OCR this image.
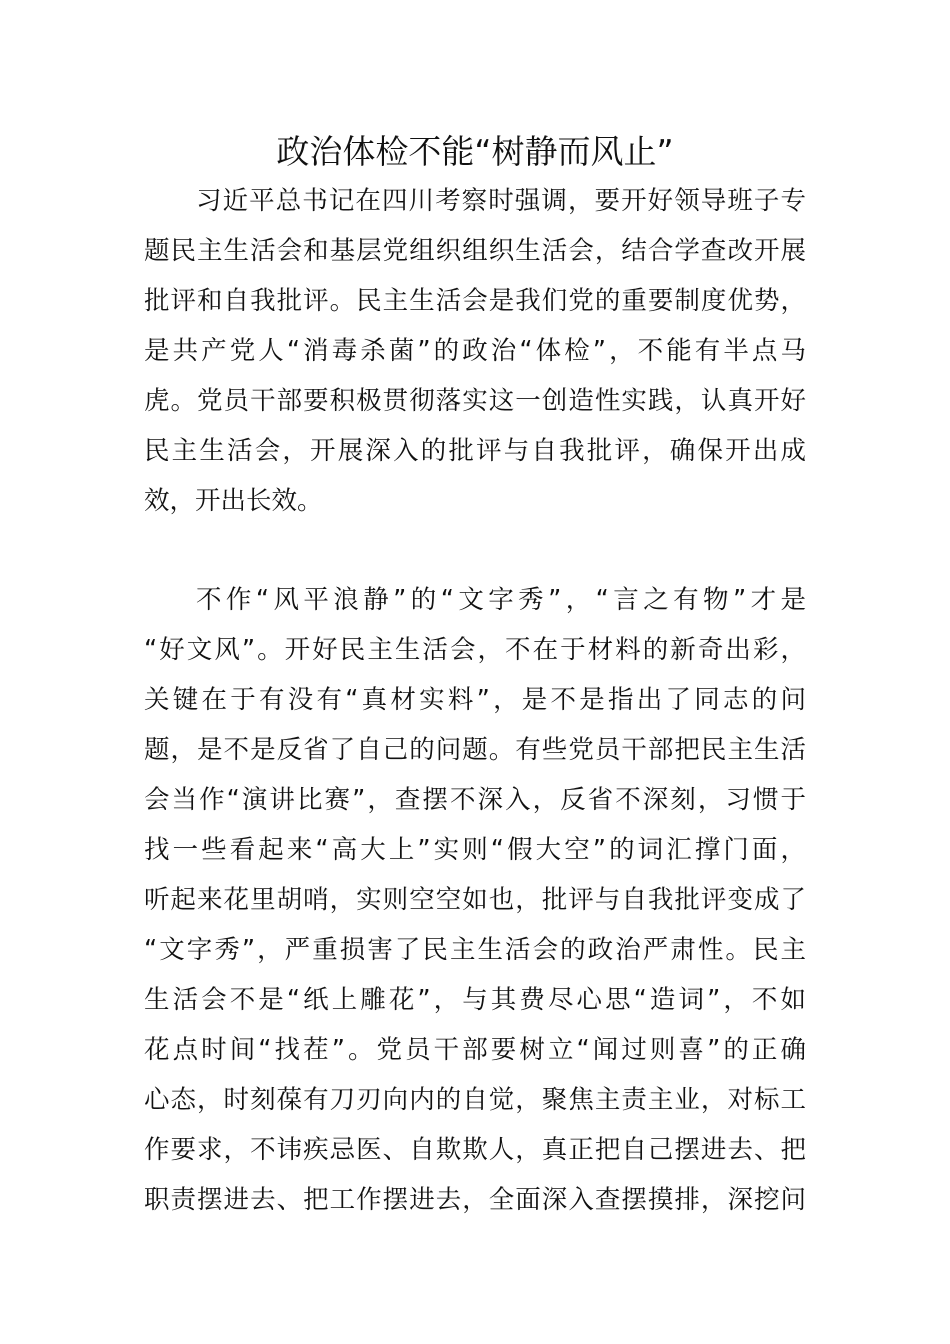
政治体检不能“树静而风止”
习近平总书记在四川考察时强调，要开好领导班子专
题民主生活会和基层党组织组织生活会，结合学查改开展
批评和自我批评。民主生活会是我们党的重要制度优势，
是共产党人“消毒杀菌”的政治“体检”，不能有半点马
虎。党员干部要积极贯彻落实这一创造性实践，认真开好
民主生活会，开展深入的批评与自我批评，确保开出成
效，开出长效。
不作“风平浪静”的“文字秀”，“言之有物”才是
“好文风”。开好民主生活会，不在于材料的新奇出彩，
关键在于有没有“真材实料”，是不是指出了同志的问
题，是不是反省了自己的问题。有些党员干部把民主生活
会当作“演讲比赛”，查摆不深入，反省不深刻，习惯于
找一些看起来“高大上”实则“假大空”的词汇撑门面，
听起来花里胡哨，实则空空如也，批评与自我批评变成了
“文字秀”，严重损害了民主生活会的政治严肃性。民主
生活会不是“纸上雕花”，与其费尽心思“造词”，不如
花点时间“找茬”。党员干部要树立“闻过则喜”的正确
心态，时刻葆有刀刃向内的自觉，聚焦主责主业，对标工
作要求，不讳疾忌医、自欺欺人，真正把自己摆进去、把
职责摆进去、把工作摆进去，全面深入查摆摸排，深挖问
